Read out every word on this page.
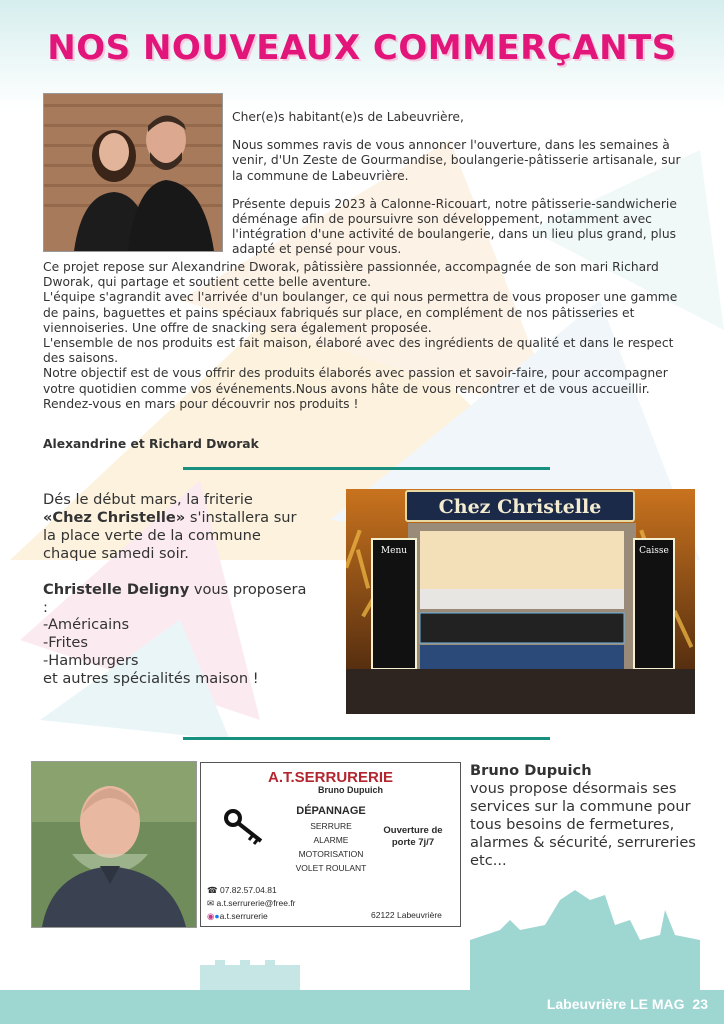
NOS NOUVEAUX COMMERÇANTS

Cher(e)s habitant(e)s de Labeuvrière,

Nous sommes ravis de vous annoncer l'ouverture, dans les semaines à venir, d'Un Zeste de Gourmandise, boulangerie-pâtisserie artisanale, sur la commune de Labeuvrière.

Présente depuis 2023 à Calonne-Ricouart, notre pâtisserie-sandwicherie déménage afin de poursuivre son développement, notamment avec l'intégration d'une activité de boulangerie, dans un lieu plus grand, plus adapté et pensé pour vous.

Ce projet repose sur Alexandrine Dworak, pâtissière passionnée, accompagnée de son mari Richard Dworak, qui partage et soutient cette belle aventure.
L'équipe s'agrandit avec l'arrivée d'un boulanger, ce qui nous permettra de vous proposer une gamme de pains, baguettes et pains spéciaux fabriqués sur place, en complément de nos pâtisseries et viennoiseries. Une offre de snacking sera également proposée.
L'ensemble de nos produits est fait maison, élaboré avec des ingrédients de qualité et dans le respect des saisons.
Notre objectif est de vous offrir des produits élaborés avec passion et savoir-faire, pour accompagner votre quotidien comme vos événements.Nous avons hâte de vous rencontrer et de vous accueillir. Rendez-vous en mars pour découvrir nos produits !
Alexandrine et Richard Dworak
Dés le début mars, la friterie
«Chez Christelle» s'installera sur la place verte de la commune chaque samedi soir.
Christelle Deligny vous proposera :
-Américains
-Frites
-Hamburgers
et autres spécialités maison !
Chez Christelle
Menu	Caisse
A.T.SERRURERIE
Bruno Dupuich
DÉPANNAGE
SERRURE
ALARME
MOTORISATION
VOLET ROULANT
Ouverture de porte 7j/7
☎ 07.82.57.04.81
✉ a.t.serrurerie@free.fr
◉●a.t.serrurerie	62122 Labeuvrière
Bruno Dupuich
vous propose désormais ses services sur la commune pour tous besoins de fermetures, alarmes & sécurité, serrureries etc...
Labeuvrière LE MAG 23
